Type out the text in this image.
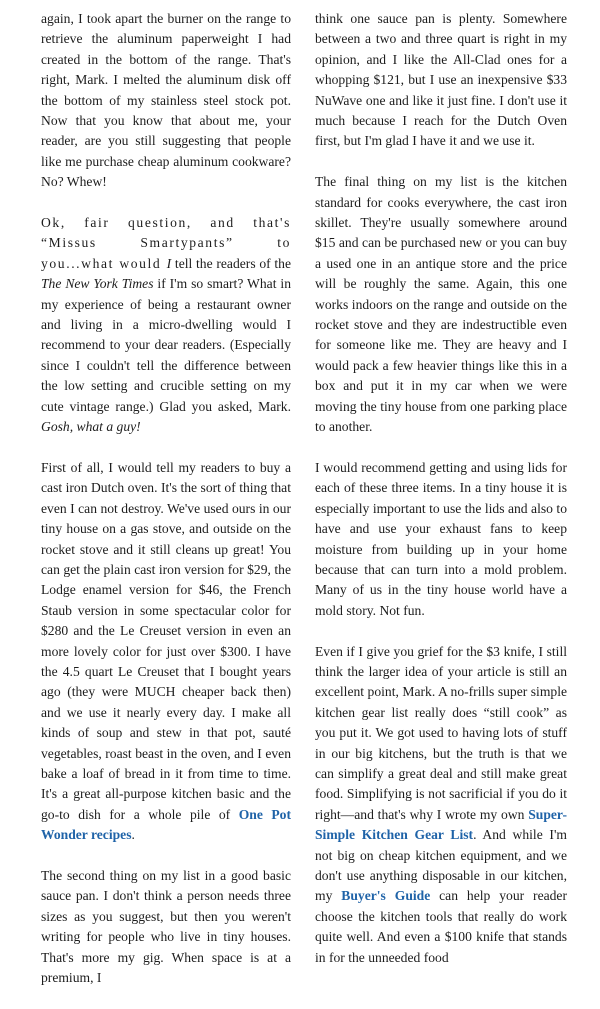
again, I took apart the burner on the range to retrieve the aluminum paperweight I had created in the bottom of the range. That's right, Mark. I melted the aluminum disk off the bottom of my stainless steel stock pot. Now that you know that about me, your reader, are you still suggesting that people like me purchase cheap aluminum cookware? No? Whew!

Ok, fair question, and that's “Missus Smartypants” to you...what would I tell the readers of the The New York Times if I'm so smart? What in my experience of being a restaurant owner and living in a micro-dwelling would I recommend to your dear readers. (Especially since I couldn't tell the difference between the low setting and crucible setting on my cute vintage range.) Glad you asked, Mark. Gosh, what a guy!

First of all, I would tell my readers to buy a cast iron Dutch oven. It's the sort of thing that even I can not destroy. We've used ours in our tiny house on a gas stove, and outside on the rocket stove and it still cleans up great! You can get the plain cast iron version for $29, the Lodge enamel version for $46, the French Staub version in some spectacular color for $280 and the Le Creuset version in even an more lovely color for just over $300. I have the 4.5 quart Le Creuset that I bought years ago (they were MUCH cheaper back then) and we use it nearly every day. I make all kinds of soup and stew in that pot, sauté vegetables, roast beast in the oven, and I even bake a loaf of bread in it from time to time. It's a great all-purpose kitchen basic and the go-to dish for a whole pile of One Pot Wonder recipes.

The second thing on my list in a good basic sauce pan. I don't think a person needs three sizes as you suggest, but then you weren't writing for people who live in tiny houses. That's more my gig. When space is at a premium, I

think one sauce pan is plenty. Somewhere between a two and three quart is right in my opinion, and I like the All-Clad ones for a whopping $121, but I use an inexpensive $33 NuWave one and like it just fine. I don't use it much because I reach for the Dutch Oven first, but I'm glad I have it and we use it.

The final thing on my list is the kitchen standard for cooks everywhere, the cast iron skillet. They're usually somewhere around $15 and can be purchased new or you can buy a used one in an antique store and the price will be roughly the same. Again, this one works indoors on the range and outside on the rocket stove and they are indestructible even for someone like me. They are heavy and I would pack a few heavier things like this in a box and put it in my car when we were moving the tiny house from one parking place to another.

I would recommend getting and using lids for each of these three items. In a tiny house it is especially important to use the lids and also to have and use your exhaust fans to keep moisture from building up in your home because that can turn into a mold problem. Many of us in the tiny house world have a mold story. Not fun.

Even if I give you grief for the $3 knife, I still think the larger idea of your article is still an excellent point, Mark. A no-frills super simple kitchen gear list really does “still cook” as you put it. We got used to having lots of stuff in our big kitchens, but the truth is that we can simplify a great deal and still make great food. Simplifying is not sacrificial if you do it right—and that's why I wrote my own Super-Simple Kitchen Gear List. And while I'm not big on cheap kitchen equipment, and we don't use anything disposable in our kitchen, my Buyer's Guide can help your reader choose the kitchen tools that really do work quite well. And even a $100 knife that stands in for the unneeded food
